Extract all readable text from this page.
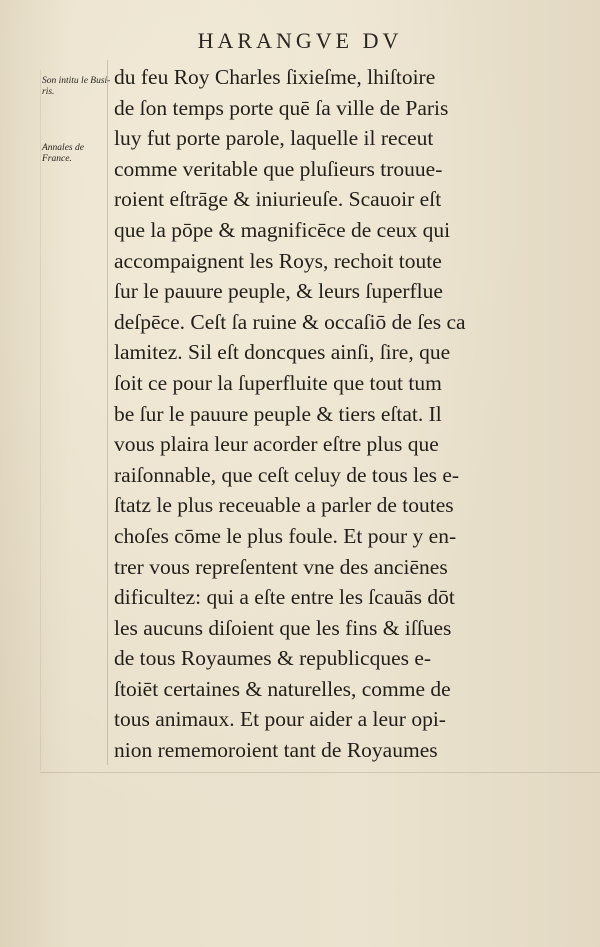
HARANGVE DV
Son intitu le Busi- ris.
Annales de France.
du feu Roy Charles ſixieſme, lhiſtoire
de ſon temps porte quē ſa ville de Paris
luy fut porte parole, laquelle il receut
comme veritable que pluſieurs trouue-
roient eſtrāge & iniurieuſe. Scauoir eſt
que la pōpe & magnificēce de ceux qui
accompaignent les Roys, rechoit toute
ſur le pauure peuple, & leurs ſuperflue
deſpēce. Ceſt ſa ruine & occaſiō de ſes ca
lamitez. Sil eſt doncques ainſi, ſire, que
ſoit ce pour la ſuperfluite que tout tum
be ſur le pauure peuple & tiers eſtat. Il
vous plaira leur acorder eſtre plus que
raiſonnable, que ceſt celuy de tous les e-
ſtatz le plus receuable a parler de toutes
choſes cōme le plus foule. Et pour y en-
trer vous repreſentent vne des anciēnes
dificultez: qui a eſte entre les ſcauās dōt
les aucuns diſoient que les fins & iſſues
de tous Royaumes & republicques e-
ſtoiēt certaines & naturelles, comme de
tous animaux. Et pour aider a leur opi-
nion rememoroient tant de Royaumes
